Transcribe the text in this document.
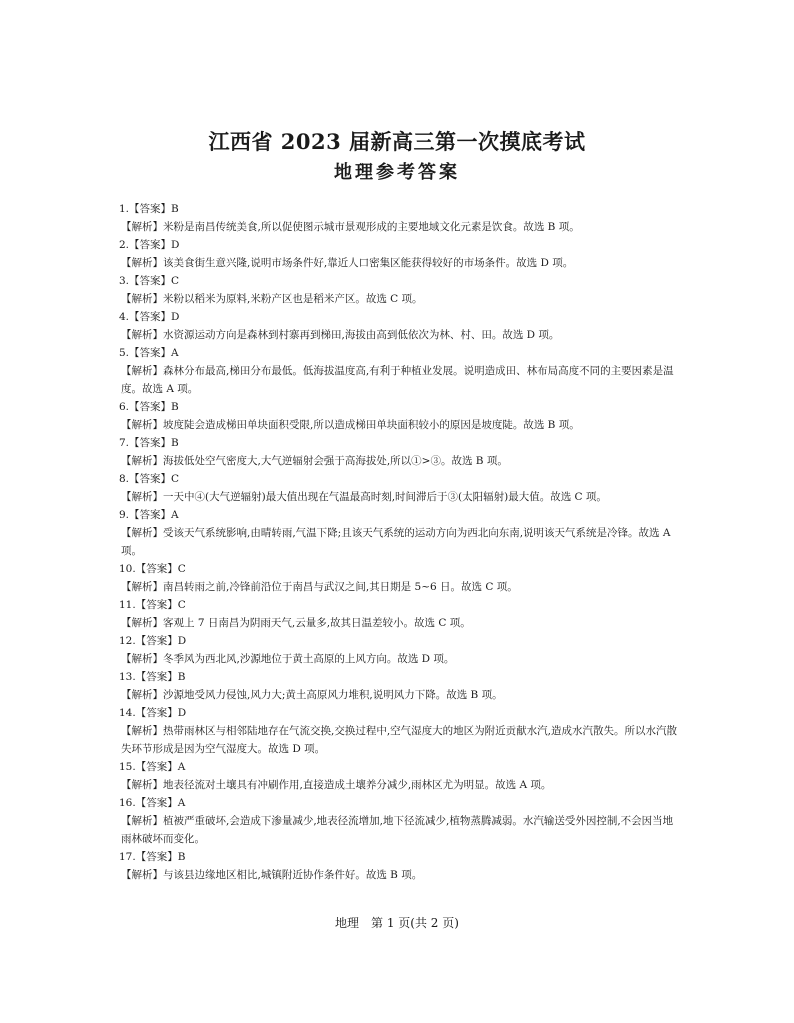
江西省 2023 届新高三第一次摸底考试
地理参考答案
1.【答案】B
【解析】米粉是南昌传统美食,所以促使图示城市景观形成的主要地域文化元素是饮食。故选 B 项。
2.【答案】D
【解析】该美食街生意兴隆,说明市场条件好,靠近人口密集区能获得较好的市场条件。故选 D 项。
3.【答案】C
【解析】米粉以稻米为原料,米粉产区也是稻米产区。故选 C 项。
4.【答案】D
【解析】水资源运动方向是森林到村寨再到梯田,海拔由高到低依次为林、村、田。故选 D 项。
5.【答案】A
【解析】森林分布最高,梯田分布最低。低海拔温度高,有利于种植业发展。说明造成田、林布局高度不同的主要因素是温度。故选 A 项。
6.【答案】B
【解析】坡度陡会造成梯田单块面积受限,所以造成梯田单块面积较小的原因是坡度陡。故选 B 项。
7.【答案】B
【解析】海拔低处空气密度大,大气逆辐射会强于高海拔处,所以①>③。故选 B 项。
8.【答案】C
【解析】一天中④(大气逆辐射)最大值出现在气温最高时刻,时间滞后于③(太阳辐射)最大值。故选 C 项。
9.【答案】A
【解析】受该天气系统影响,由晴转雨,气温下降;且该天气系统的运动方向为西北向东南,说明该天气系统是冷锋。故选 A 项。
10.【答案】C
【解析】南昌转雨之前,冷锋前沿位于南昌与武汉之间,其日期是 5~6 日。故选 C 项。
11.【答案】C
【解析】客观上 7 日南昌为阴雨天气,云量多,故其日温差较小。故选 C 项。
12.【答案】D
【解析】冬季风为西北风,沙源地位于黄土高原的上风方向。故选 D 项。
13.【答案】B
【解析】沙源地受风力侵蚀,风力大;黄土高原风力堆积,说明风力下降。故选 B 项。
14.【答案】D
【解析】热带雨林区与相邻陆地存在气流交换,交换过程中,空气湿度大的地区为附近贡献水汽,造成水汽散失。所以水汽散失环节形成是因为空气湿度大。故选 D 项。
15.【答案】A
【解析】地表径流对土壤具有冲刷作用,直接造成土壤养分减少,雨林区尤为明显。故选 A 项。
16.【答案】A
【解析】植被严重破坏,会造成下渗量减少,地表径流增加,地下径流减少,植物蒸腾减弱。水汽输送受外因控制,不会因当地雨林破坏而变化。
17.【答案】B
【解析】与该县边缘地区相比,城镇附近协作条件好。故选 B 项。
地理　第 1 页(共 2 页)
